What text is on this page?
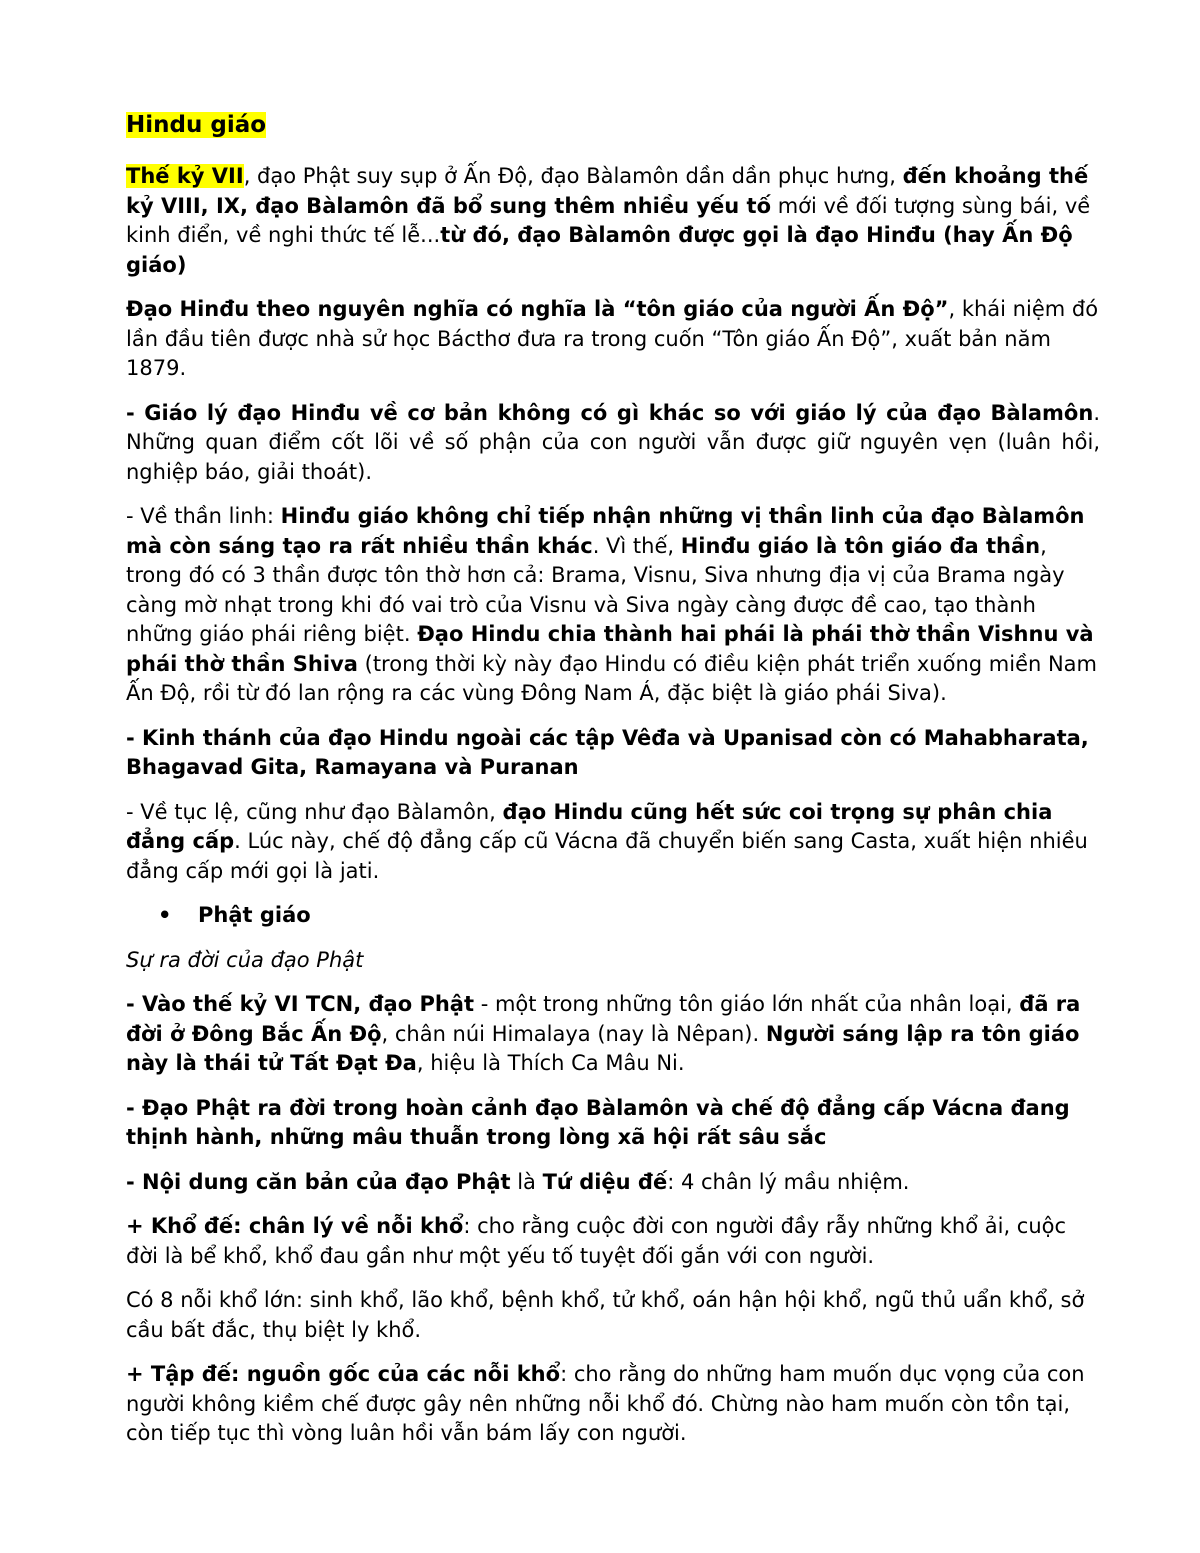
Hindu giáo

Thế kỷ VII, đạo Phật suy sụp ở Ấn Độ, đạo Bàlamôn dần dần phục hưng, đến khoảng thế kỷ VIII, IX, đạo Bàlamôn đã bổ sung thêm nhiều yếu tố mới về đối tượng sùng bái, về kinh điển, về nghi thức tế lễ...từ đó, đạo Bàlamôn được gọi là đạo Hinđu (hay Ấn Độ giáo)

Đạo Hinđu theo nguyên nghĩa có nghĩa là “tôn giáo của người Ấn Độ”, khái niệm đó lần đầu tiên được nhà sử học Bácthơ đưa ra trong cuốn “Tôn giáo Ấn Độ”, xuất bản năm 1879.

- Giáo lý đạo Hinđu về cơ bản không có gì khác so với giáo lý của đạo Bàlamôn. Những quan điểm cốt lõi về số phận của con người vẫn được giữ nguyên vẹn (luân hồi, nghiệp báo, giải thoát).

- Về thần linh: Hinđu giáo không chỉ tiếp nhận những vị thần linh của đạo Bàlamôn mà còn sáng tạo ra rất nhiều thần khác. Vì thế, Hinđu giáo là tôn giáo đa thần, trong đó có 3 thần được tôn thờ hơn cả: Brama, Visnu, Siva nhưng địa vị của Brama ngày càng mờ nhạt trong khi đó vai trò của Visnu và Siva ngày càng được đề cao, tạo thành những giáo phái riêng biệt. Đạo Hindu chia thành hai phái là phái thờ thần Vishnu và phái thờ thần Shiva (trong thời kỳ này đạo Hindu có điều kiện phát triển xuống miền Nam Ấn Độ, rồi từ đó lan rộng ra các vùng Đông Nam Á, đặc biệt là giáo phái Siva).

- Kinh thánh của đạo Hindu ngoài các tập Vêđa và Upanisad còn có Mahabharata, Bhagavad Gita, Ramayana và Puranan

- Về tục lệ, cũng như đạo Bàlamôn, đạo Hindu cũng hết sức coi trọng sự phân chia đẳng cấp. Lúc này, chế độ đẳng cấp cũ Vácna đã chuyển biến sang Casta, xuất hiện nhiều đẳng cấp mới gọi là jati.

•	Phật giáo

Sự ra đời của đạo Phật

- Vào thế kỷ VI TCN, đạo Phật - một trong những tôn giáo lớn nhất của nhân loại, đã ra đời ở Đông Bắc Ấn Độ, chân núi Himalaya (nay là Nêpan). Người sáng lập ra tôn giáo này là thái tử Tất Đạt Đa, hiệu là Thích Ca Mâu Ni.

- Đạo Phật ra đời trong hoàn cảnh đạo Bàlamôn và chế độ đẳng cấp Vácna đang thịnh hành, những mâu thuẫn trong lòng xã hội rất sâu sắc

- Nội dung căn bản của đạo Phật là Tứ diệu đế: 4 chân lý mầu nhiệm.

+ Khổ đế: chân lý về nỗi khổ: cho rằng cuộc đời con người đầy rẫy những khổ ải, cuộc đời là bể khổ, khổ đau gần như một yếu tố tuyệt đối gắn với con người.

Có 8 nỗi khổ lớn: sinh khổ, lão khổ, bệnh khổ, tử khổ, oán hận hội khổ, ngũ thủ uẩn khổ, sở cầu bất đắc, thụ biệt ly khổ.

+ Tập đế: nguồn gốc của các nỗi khổ: cho rằng do những ham muốn dục vọng của con người không kiềm chế được gây nên những nỗi khổ đó. Chừng nào ham muốn còn tồn tại, còn tiếp tục thì vòng luân hồi vẫn bám lấy con người.
